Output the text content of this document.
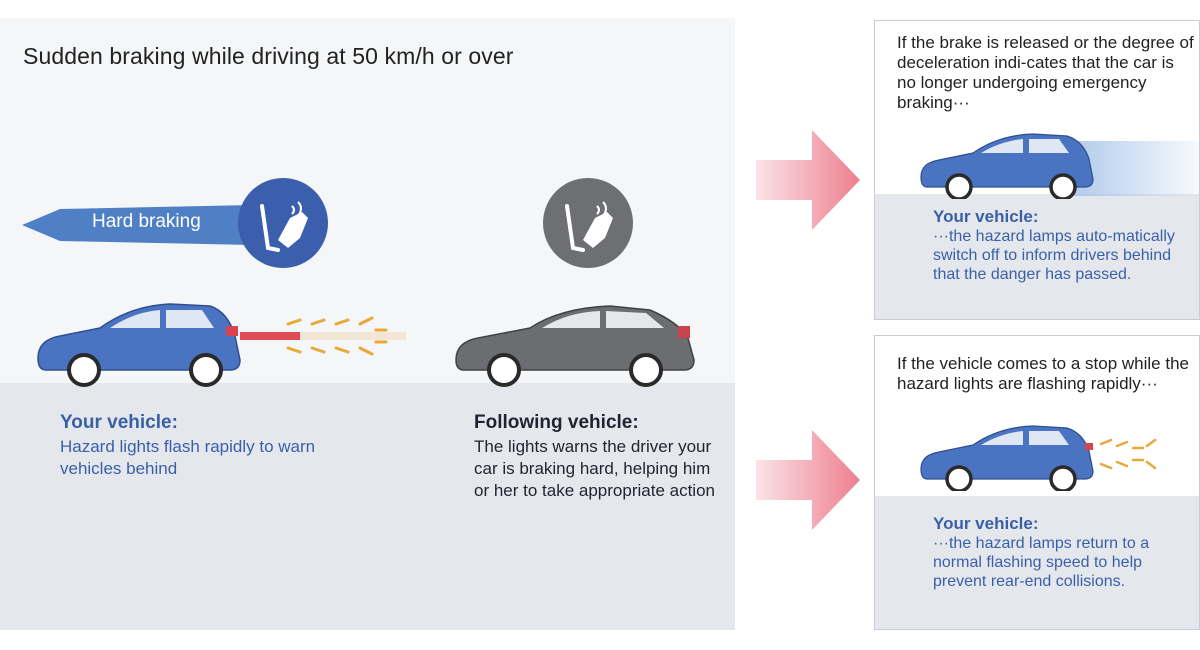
Sudden braking while driving at 50 km/h or over
Hard braking
Your vehicle:
Hazard lights flash rapidly to warn vehicles behind
Following vehicle:
The lights warns the driver your car is braking hard, helping him or her to take appropriate action
If the brake is released or the degree of deceleration indi-cates that the car is no longer undergoing emergency braking···
Your vehicle:
···the hazard lamps auto-matically switch off to inform drivers behind that the danger has passed.
If the vehicle comes to a stop while the hazard lights are flashing rapidly···
Your vehicle:
···the hazard lamps return to a normal flashing speed to help prevent rear-end collisions.
